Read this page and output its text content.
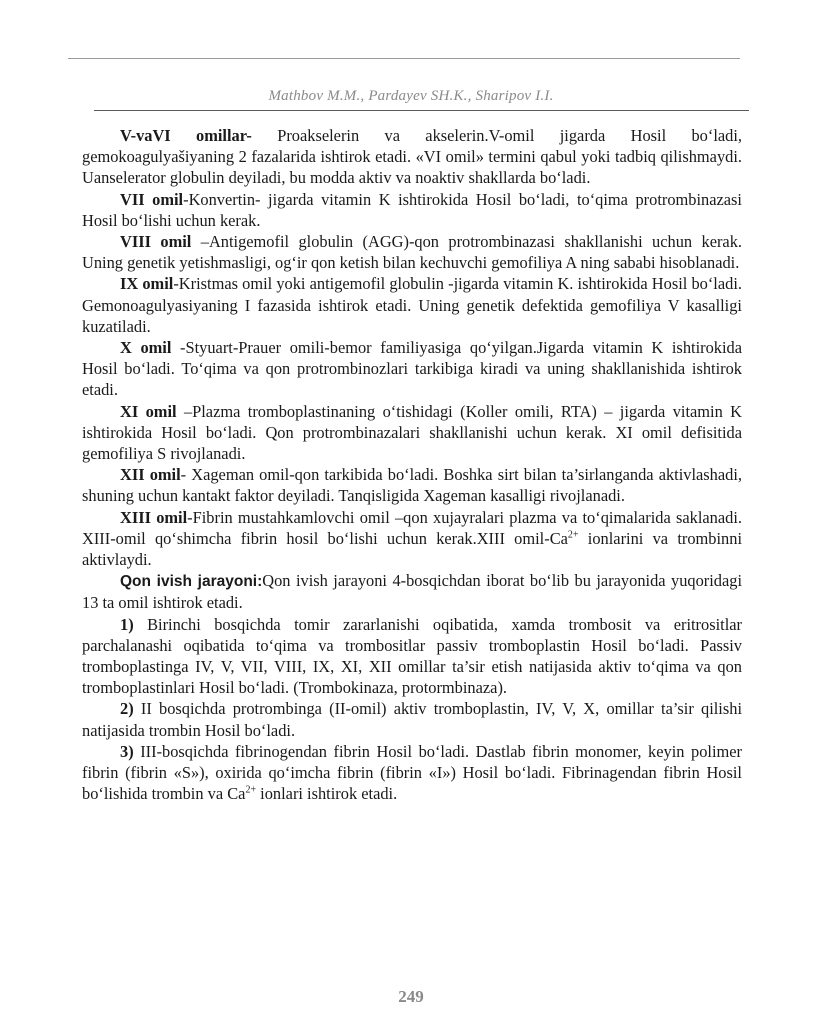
Mathbov M.M., Pardayev SH.K., Sharipov I.I.

V-vaVI omillar- Proakselerin va akselerin.V-omil jigarda Hosil bo‘ladi, gemokoagulyašiyaning 2 fazalarida ishtirok etadi. «VI omil» termini qabul yoki tadbiq qilishmaydi. Uanselerator globulin deyiladi, bu modda aktiv va noaktiv shakllarda bo‘ladi.

VII omil-Konvertin- jigarda vitamin K ishtirokida Hosil bo‘ladi, to‘qima protrombinazasi Hosil bo‘lishi uchun kerak.

VIII omil –Antigemofil globulin (AGG)-qon protrombinazasi shakllanishi uchun kerak. Uning genetik yetishmasligi, og‘ir qon ketish bilan kechuvchi gemofiliya A ning sababi hisoblanadi.

IX omil-Kristmas omil yoki antigemofil globulin -jigarda vitamin K. ishtirokida Hosil bo‘ladi. Gemonoagulyasiyaning I fazasida ishtirok etadi. Uning genetik defektida gemofiliya V kasalligi kuzatiladi.

X omil -Styuart-Prauer omili-bemor familiyasiga qo‘yilgan.Jigarda vitamin K ishtirokida Hosil bo‘ladi. To‘qima va qon protrombinozlari tarkibiga kiradi va uning shakllanishida ishtirok etadi.

XI omil –Plazma tromboplastinaning o‘tishidagi (Koller omili, RTA) – jigarda vitamin K ishtirokida Hosil bo‘ladi. Qon protrombinazalari shakllanishi uchun kerak. XI omil defisitida gemofiliya S rivojlanadi.

XII omil- Xageman omil-qon tarkibida bo‘ladi. Boshka sirt bilan ta’sirlanganda aktivlashadi, shuning uchun kantakt faktor deyiladi. Tanqisligida Xageman kasalligi rivojlanadi.

XIII omil-Fibrin mustahkamlovchi omil –qon xujayralari plazma va to‘qimalarida saklanadi. XIII-omil qo‘shimcha fibrin hosil bo‘lishi uchun kerak.XIII omil-$Ca^{2+}$ ionlarini va trombinni aktivlaydi.

Qon ivish jarayoni:Qon ivish jarayoni 4-bosqichdan iborat bo‘lib bu jarayonida yuqoridagi 13 ta omil ishtirok etadi.

1) Birinchi bosqichda tomir zararlanishi oqibatida, xamda trombosit va eritrositlar parchalanashi oqibatida to‘qima va trombositlar passiv tromboplastin Hosil bo‘ladi. Passiv tromboplastinga IV, V, VII, VIII, IX, XI, XII omillar ta’sir etish natijasida aktiv to‘qima va qon tromboplastinlari Hosil bo‘ladi. (Trombokinaza, protormbinaza).

2) II bosqichda protrombinga (II-omil) aktiv tromboplastin, IV, V, X, omillar ta’sir qilishi natijasida trombin Hosil bo‘ladi.

3) III-bosqichda fibrinogendan fibrin Hosil bo‘ladi. Dastlab fibrin monomer, keyin polimer fibrin (fibrin «S»), oxirida qo‘imcha fibrin (fibrin «I») Hosil bo‘ladi. Fibrinagendan fibrin Hosil bo‘lishida trombin va $Ca^{2+}$ ionlari ishtirok etadi.

249
